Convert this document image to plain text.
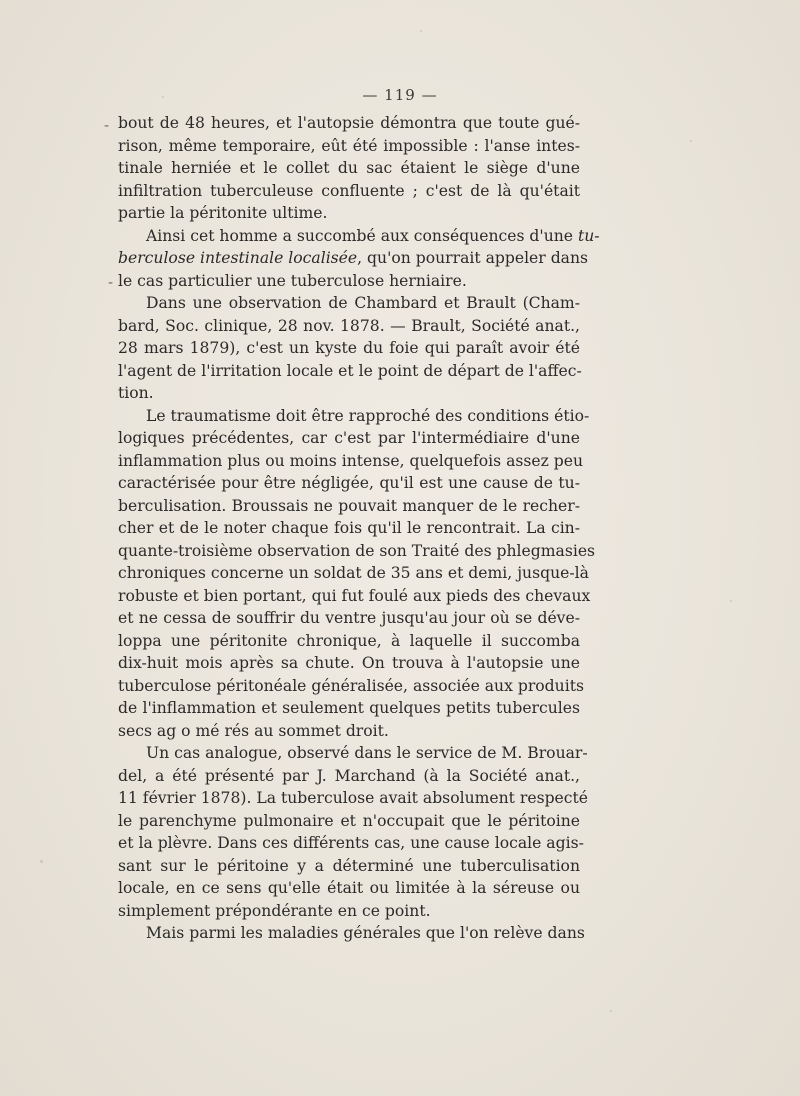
— 119 —
-
-
bout de 48 heures, et l'autopsie démontra que toute gué-
rison, même temporaire, eût été impossible : l'anse intes-
tinale herniée et le collet du sac étaient le siège d'une
infiltration tuberculeuse confluente ; c'est de là qu'était
partie la péritonite ultime.
Ainsi cet homme a succombé aux conséquences d'une tu-
berculose intestinale localisée, qu'on pourrait appeler dans
le cas particulier une tuberculose herniaire.
Dans une observation de Chambard et Brault (Cham-
bard, Soc. clinique, 28 nov. 1878. — Brault, Société anat.,
28 mars 1879), c'est un kyste du foie qui paraît avoir été
l'agent de l'irritation locale et le point de départ de l'affec-
tion.
Le traumatisme doit être rapproché des conditions étio-
logiques précédentes, car c'est par l'intermédiaire d'une
inflammation plus ou moins intense, quelquefois assez peu
caractérisée pour être négligée, qu'il est une cause de tu-
berculisation. Broussais ne pouvait manquer de le recher-
cher et de le noter chaque fois qu'il le rencontrait. La cin-
quante-troisième observation de son Traité des phlegmasies
chroniques concerne un soldat de 35 ans et demi, jusque-là
robuste et bien portant, qui fut foulé aux pieds des chevaux
et ne cessa de souffrir du ventre jusqu'au jour où se déve-
loppa une péritonite chronique, à laquelle il succomba
dix-huit mois après sa chute. On trouva à l'autopsie une
tuberculose péritonéale généralisée, associée aux produits
de l'inflammation et seulement quelques petits tubercules
secs ag o mé rés au sommet droit.
Un cas analogue, observé dans le service de M. Brouar-
del, a été présenté par J. Marchand (à la Société anat.,
11 février 1878). La tuberculose avait absolument respecté
le parenchyme pulmonaire et n'occupait que le péritoine
et la plèvre. Dans ces différents cas, une cause locale agis-
sant sur le péritoine y a déterminé une tuberculisation
locale, en ce sens qu'elle était ou limitée à la séreuse ou
simplement prépondérante en ce point.
Mais parmi les maladies générales que l'on relève dans
